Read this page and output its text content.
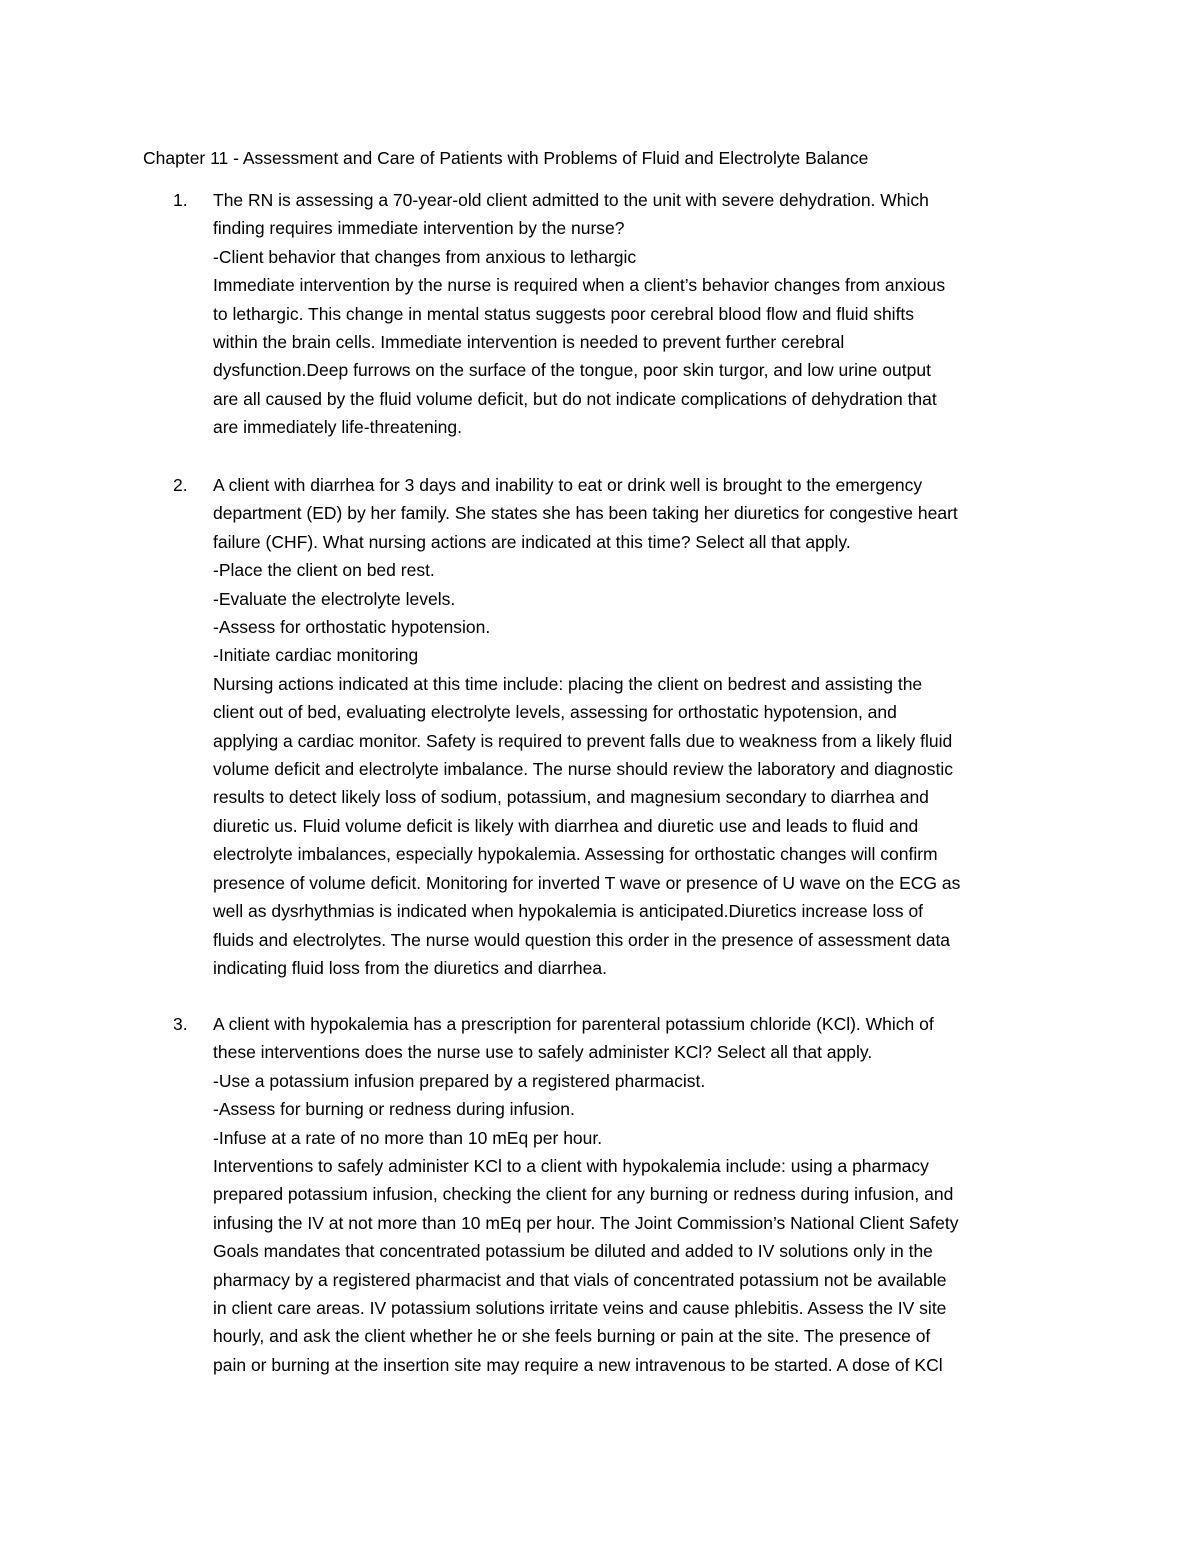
Chapter 11 - Assessment and Care of Patients with Problems of Fluid and Electrolyte Balance
1. The RN is assessing a 70-year-old client admitted to the unit with severe dehydration. Which
finding requires immediate intervention by the nurse?
-Client behavior that changes from anxious to lethargic
Immediate intervention by the nurse is required when a client’s behavior changes from anxious
to lethargic. This change in mental status suggests poor cerebral blood flow and fluid shifts
within the brain cells. Immediate intervention is needed to prevent further cerebral
dysfunction.Deep furrows on the surface of the tongue, poor skin turgor, and low urine output
are all caused by the fluid volume deficit, but do not indicate complications of dehydration that
are immediately life-threatening.
2. A client with diarrhea for 3 days and inability to eat or drink well is brought to the emergency
department (ED) by her family. She states she has been taking her diuretics for congestive heart
failure (CHF). What nursing actions are indicated at this time? Select all that apply.
-Place the client on bed rest.
-Evaluate the electrolyte levels.
-Assess for orthostatic hypotension.
-Initiate cardiac monitoring
Nursing actions indicated at this time include: placing the client on bedrest and assisting the
client out of bed, evaluating electrolyte levels, assessing for orthostatic hypotension, and
applying a cardiac monitor. Safety is required to prevent falls due to weakness from a likely fluid
volume deficit and electrolyte imbalance. The nurse should review the laboratory and diagnostic
results to detect likely loss of sodium, potassium, and magnesium secondary to diarrhea and
diuretic us. Fluid volume deficit is likely with diarrhea and diuretic use and leads to fluid and
electrolyte imbalances, especially hypokalemia. Assessing for orthostatic changes will confirm
presence of volume deficit. Monitoring for inverted T wave or presence of U wave on the ECG as
well as dysrhythmias is indicated when hypokalemia is anticipated.Diuretics increase loss of
fluids and electrolytes. The nurse would question this order in the presence of assessment data
indicating fluid loss from the diuretics and diarrhea.
3. A client with hypokalemia has a prescription for parenteral potassium chloride (KCl). Which of
these interventions does the nurse use to safely administer KCl? Select all that apply.
-Use a potassium infusion prepared by a registered pharmacist.
-Assess for burning or redness during infusion.
-Infuse at a rate of no more than 10 mEq per hour.
Interventions to safely administer KCl to a client with hypokalemia include: using a pharmacy
prepared potassium infusion, checking the client for any burning or redness during infusion, and
infusing the IV at not more than 10 mEq per hour. The Joint Commission’s National Client Safety
Goals mandates that concentrated potassium be diluted and added to IV solutions only in the
pharmacy by a registered pharmacist and that vials of concentrated potassium not be available
in client care areas. IV potassium solutions irritate veins and cause phlebitis. Assess the IV site
hourly, and ask the client whether he or she feels burning or pain at the site. The presence of
pain or burning at the insertion site may require a new intravenous to be started. A dose of KCl
